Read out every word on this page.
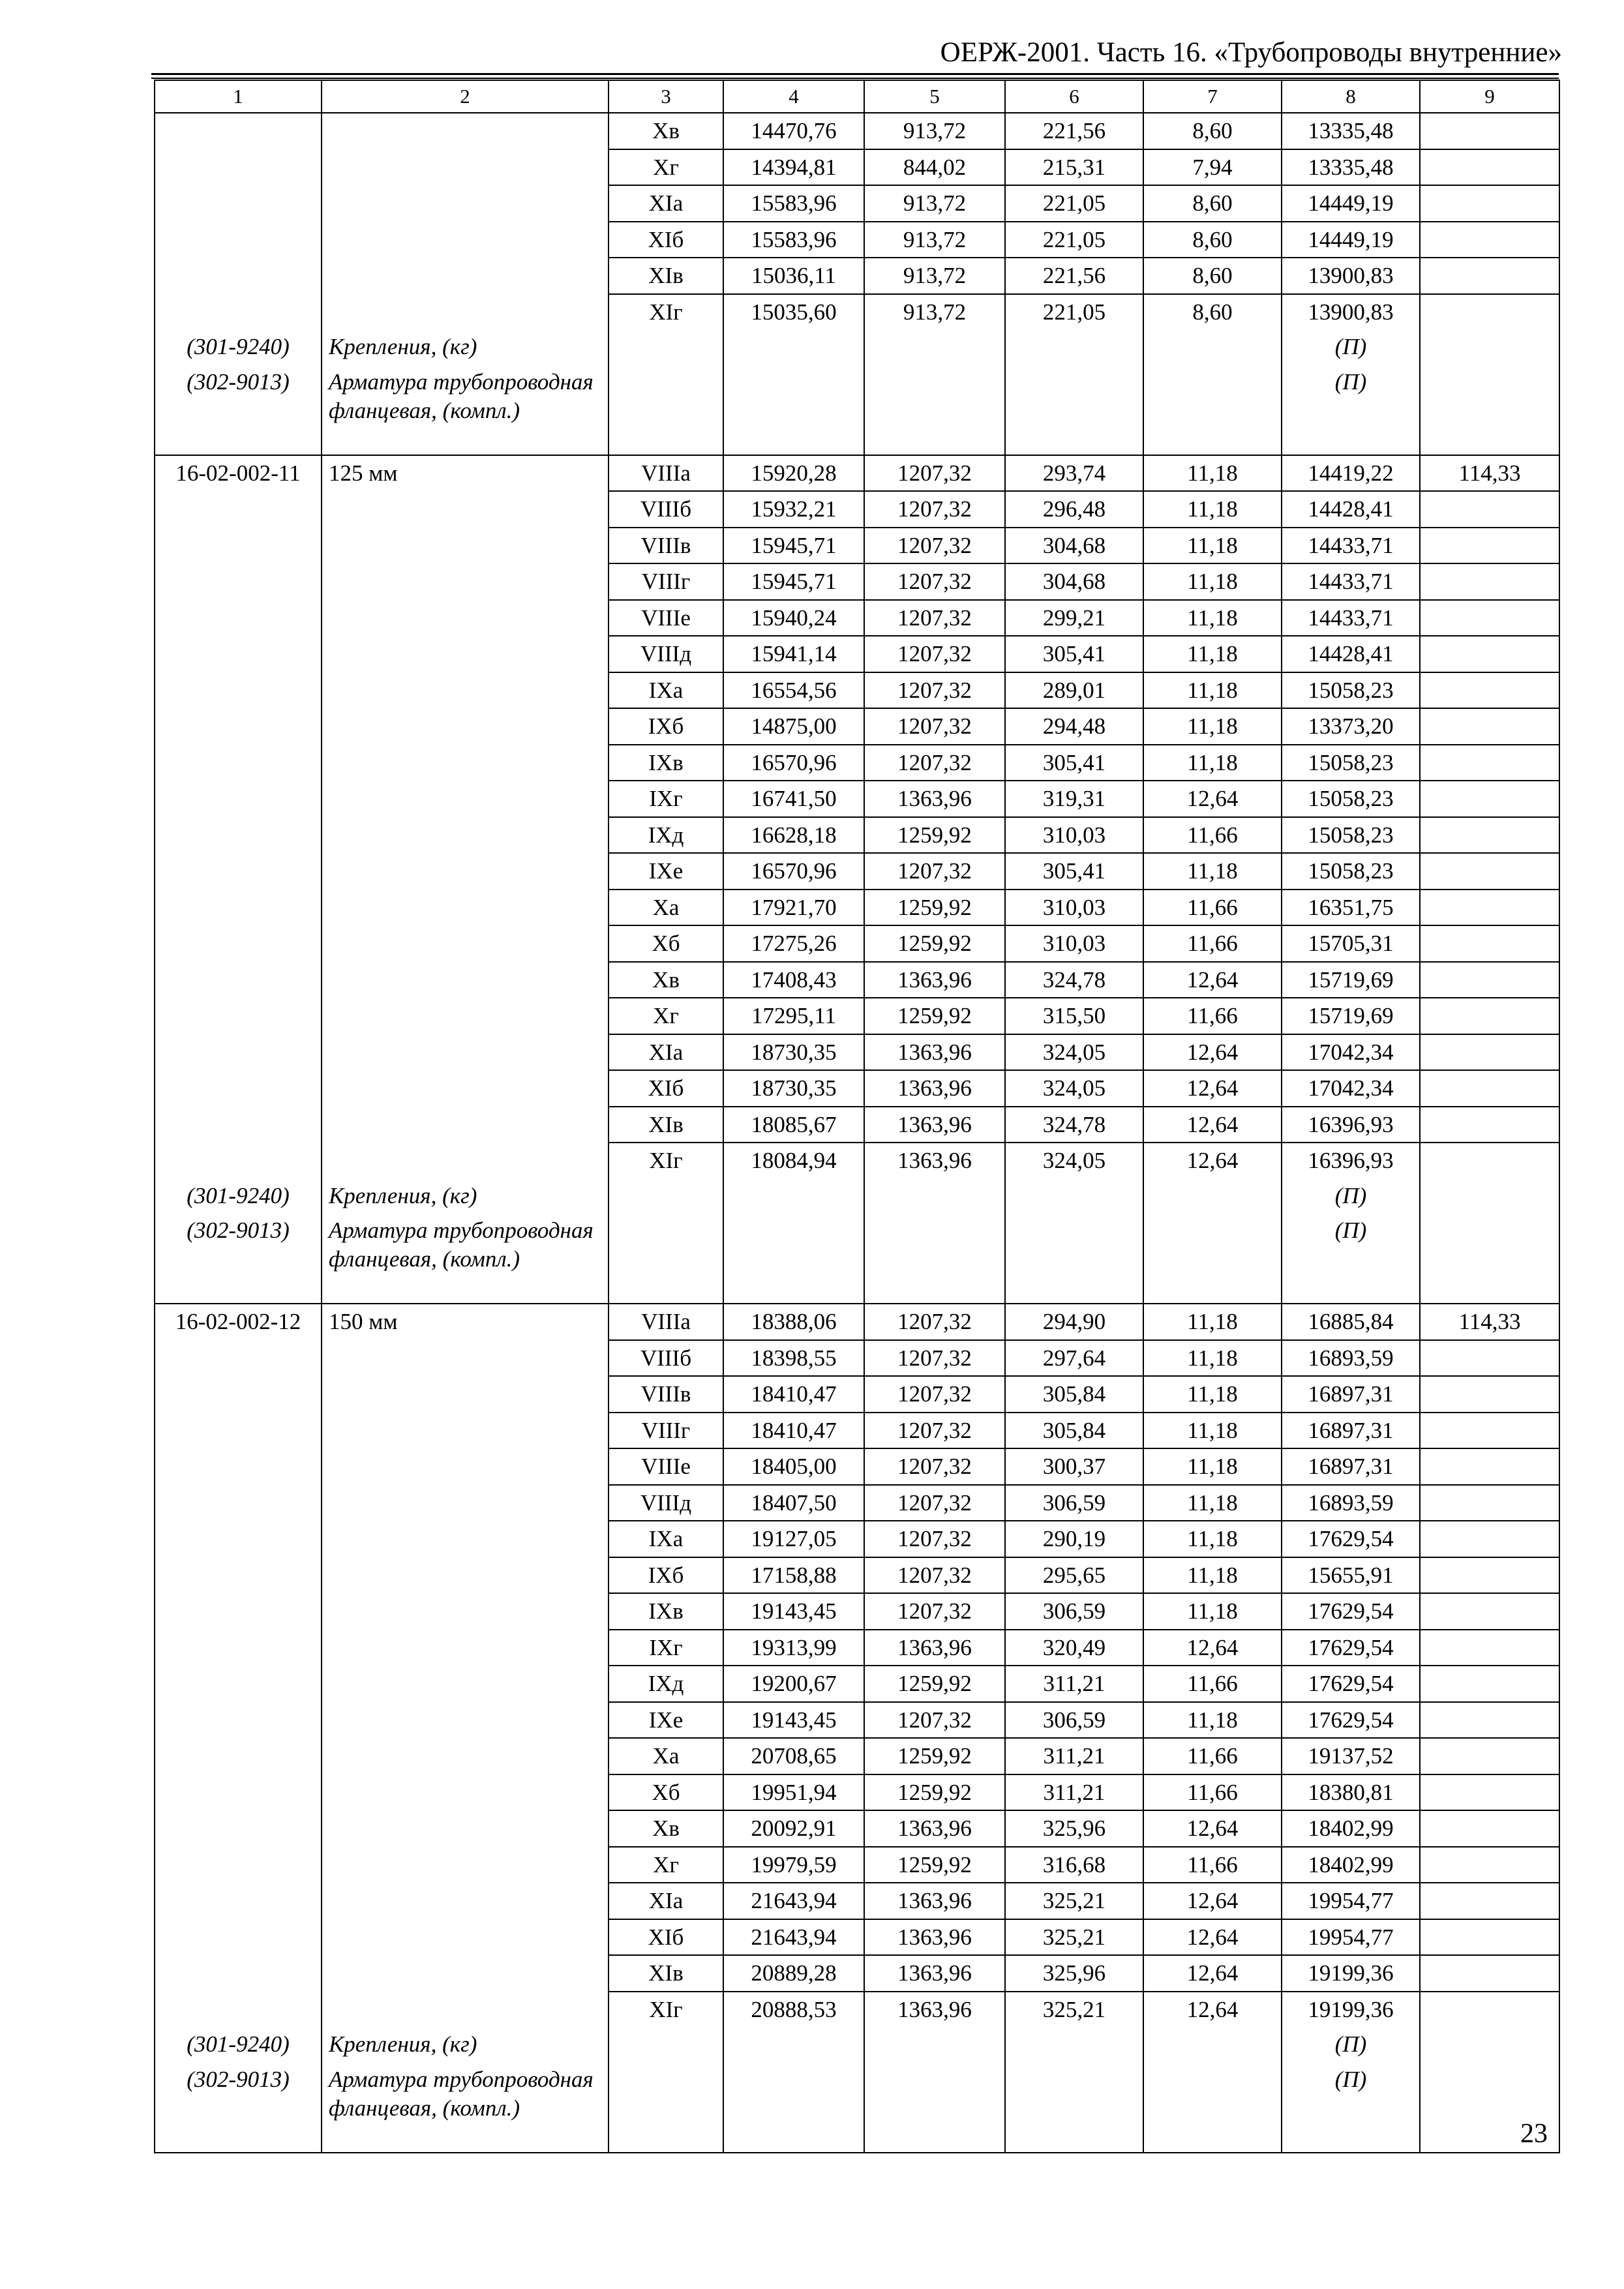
ОЕРЖ-2001. Часть 16. «Трубопроводы внутренние»
1	2	3	4	5	6	7	8	9
		Хв	14470,76	913,72	221,56	8,60	13335,48	
		Хг	14394,81	844,02	215,31	7,94	13335,48	
		ХIа	15583,96	913,72	221,05	8,60	14449,19	
		ХIб	15583,96	913,72	221,05	8,60	14449,19	
		ХIв	15036,11	913,72	221,56	8,60	13900,83	
		ХIг	15035,60	913,72	221,05	8,60	13900,83	
(301-9240)	Крепления, (кг)						(П)	
(302-9013)	Арматура трубопроводная фланцевая, (компл.)						(П)	
16-02-002-11	125 мм	VIIIа	15920,28	1207,32	293,74	11,18	14419,22	114,33
		VIIIб	15932,21	1207,32	296,48	11,18	14428,41	
		VIIIв	15945,71	1207,32	304,68	11,18	14433,71	
		VIIIг	15945,71	1207,32	304,68	11,18	14433,71	
		VIIIе	15940,24	1207,32	299,21	11,18	14433,71	
		VIIIд	15941,14	1207,32	305,41	11,18	14428,41	
		IХа	16554,56	1207,32	289,01	11,18	15058,23	
		IХб	14875,00	1207,32	294,48	11,18	13373,20	
		IХв	16570,96	1207,32	305,41	11,18	15058,23	
		IХг	16741,50	1363,96	319,31	12,64	15058,23	
		IХд	16628,18	1259,92	310,03	11,66	15058,23	
		IХе	16570,96	1207,32	305,41	11,18	15058,23	
		Ха	17921,70	1259,92	310,03	11,66	16351,75	
		Хб	17275,26	1259,92	310,03	11,66	15705,31	
		Хв	17408,43	1363,96	324,78	12,64	15719,69	
		Хг	17295,11	1259,92	315,50	11,66	15719,69	
		ХIа	18730,35	1363,96	324,05	12,64	17042,34	
		ХIб	18730,35	1363,96	324,05	12,64	17042,34	
		ХIв	18085,67	1363,96	324,78	12,64	16396,93	
		ХIг	18084,94	1363,96	324,05	12,64	16396,93	
(301-9240)	Крепления, (кг)						(П)	
(302-9013)	Арматура трубопроводная фланцевая, (компл.)						(П)	
16-02-002-12	150 мм	VIIIа	18388,06	1207,32	294,90	11,18	16885,84	114,33
		VIIIб	18398,55	1207,32	297,64	11,18	16893,59	
		VIIIв	18410,47	1207,32	305,84	11,18	16897,31	
		VIIIг	18410,47	1207,32	305,84	11,18	16897,31	
		VIIIе	18405,00	1207,32	300,37	11,18	16897,31	
		VIIIд	18407,50	1207,32	306,59	11,18	16893,59	
		IХа	19127,05	1207,32	290,19	11,18	17629,54	
		IХб	17158,88	1207,32	295,65	11,18	15655,91	
		IХв	19143,45	1207,32	306,59	11,18	17629,54	
		IХг	19313,99	1363,96	320,49	12,64	17629,54	
		IХд	19200,67	1259,92	311,21	11,66	17629,54	
		IХе	19143,45	1207,32	306,59	11,18	17629,54	
		Ха	20708,65	1259,92	311,21	11,66	19137,52	
		Хб	19951,94	1259,92	311,21	11,66	18380,81	
		Хв	20092,91	1363,96	325,96	12,64	18402,99	
		Хг	19979,59	1259,92	316,68	11,66	18402,99	
		ХIа	21643,94	1363,96	325,21	12,64	19954,77	
		ХIб	21643,94	1363,96	325,21	12,64	19954,77	
		ХIв	20889,28	1363,96	325,96	12,64	19199,36	
		ХIг	20888,53	1363,96	325,21	12,64	19199,36	
(301-9240)	Крепления, (кг)						(П)	
(302-9013)	Арматура трубопроводная фланцевая, (компл.)						(П)	
23
